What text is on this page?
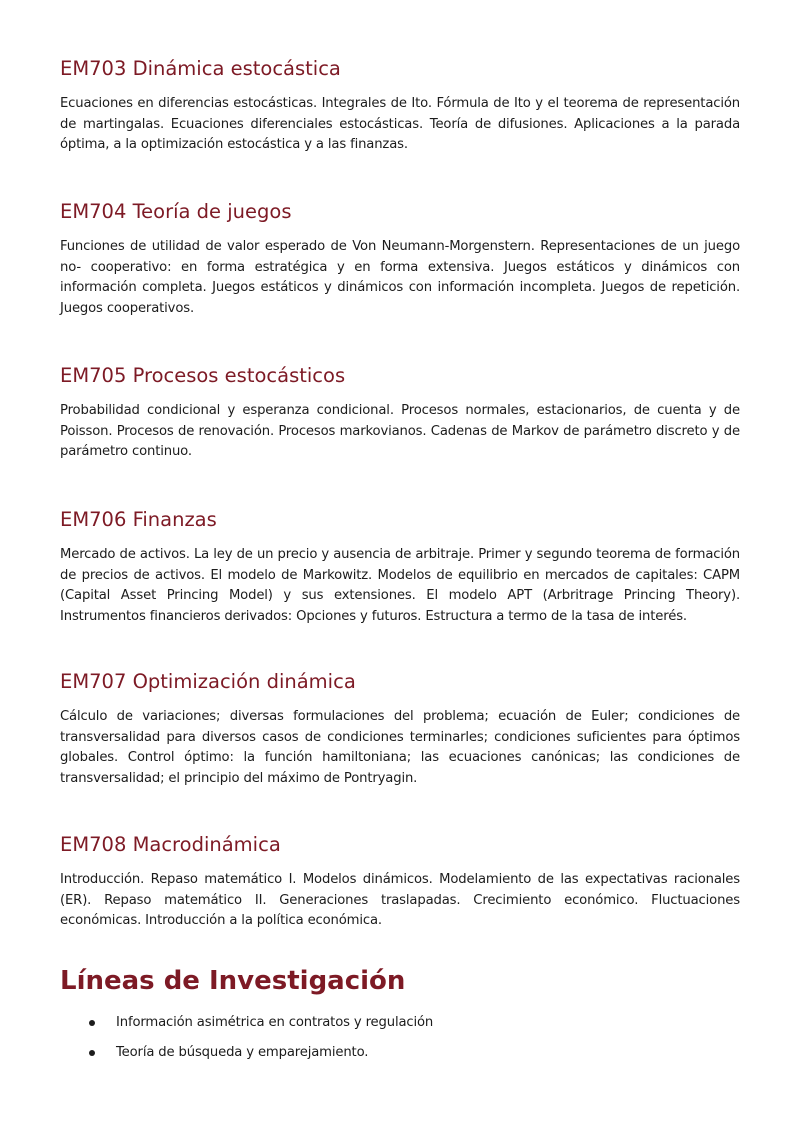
EM703 Dinámica estocástica

Ecuaciones en diferencias estocásticas. Integrales de Ito. Fórmula de Ito y el teorema de representación de martingalas. Ecuaciones diferenciales estocásticas. Teoría de difusiones. Aplicaciones a la parada óptima, a la optimización estocástica y a las finanzas.

EM704 Teoría de juegos

Funciones de utilidad de valor esperado de Von Neumann-Morgenstern. Representaciones de un juego no- cooperativo: en forma estratégica y en forma extensiva. Juegos estáticos y dinámicos con información completa. Juegos estáticos y dinámicos con información incompleta. Juegos de repetición. Juegos cooperativos.

EM705 Procesos estocásticos

Probabilidad condicional y esperanza condicional. Procesos normales, estacionarios, de cuenta y de Poisson. Procesos de renovación. Procesos markovianos. Cadenas de Markov de parámetro discreto y de parámetro continuo.

EM706 Finanzas

Mercado de activos. La ley de un precio y ausencia de arbitraje. Primer y segundo teorema de formación de precios de activos. El modelo de Markowitz. Modelos de equilibrio en mercados de capitales: CAPM (Capital Asset Princing Model) y sus extensiones. El modelo APT (Arbritrage Princing Theory). Instrumentos financieros derivados: Opciones y futuros. Estructura a termo de la tasa de interés.

EM707 Optimización dinámica

Cálculo de variaciones; diversas formulaciones del problema; ecuación de Euler; condiciones de transversalidad para diversos casos de condiciones terminarles; condiciones suficientes para óptimos globales. Control óptimo: la función hamiltoniana; las ecuaciones canónicas; las condiciones de transversalidad; el principio del máximo de Pontryagin.

EM708 Macrodinámica

Introducción. Repaso matemático I. Modelos dinámicos. Modelamiento de las expectativas racionales (ER). Repaso matemático II. Generaciones traslapadas. Crecimiento económico. Fluctuaciones económicas. Introducción a la política económica.

Líneas de Investigación
Información asimétrica en contratos y regulación
Teoría de búsqueda y emparejamiento.
